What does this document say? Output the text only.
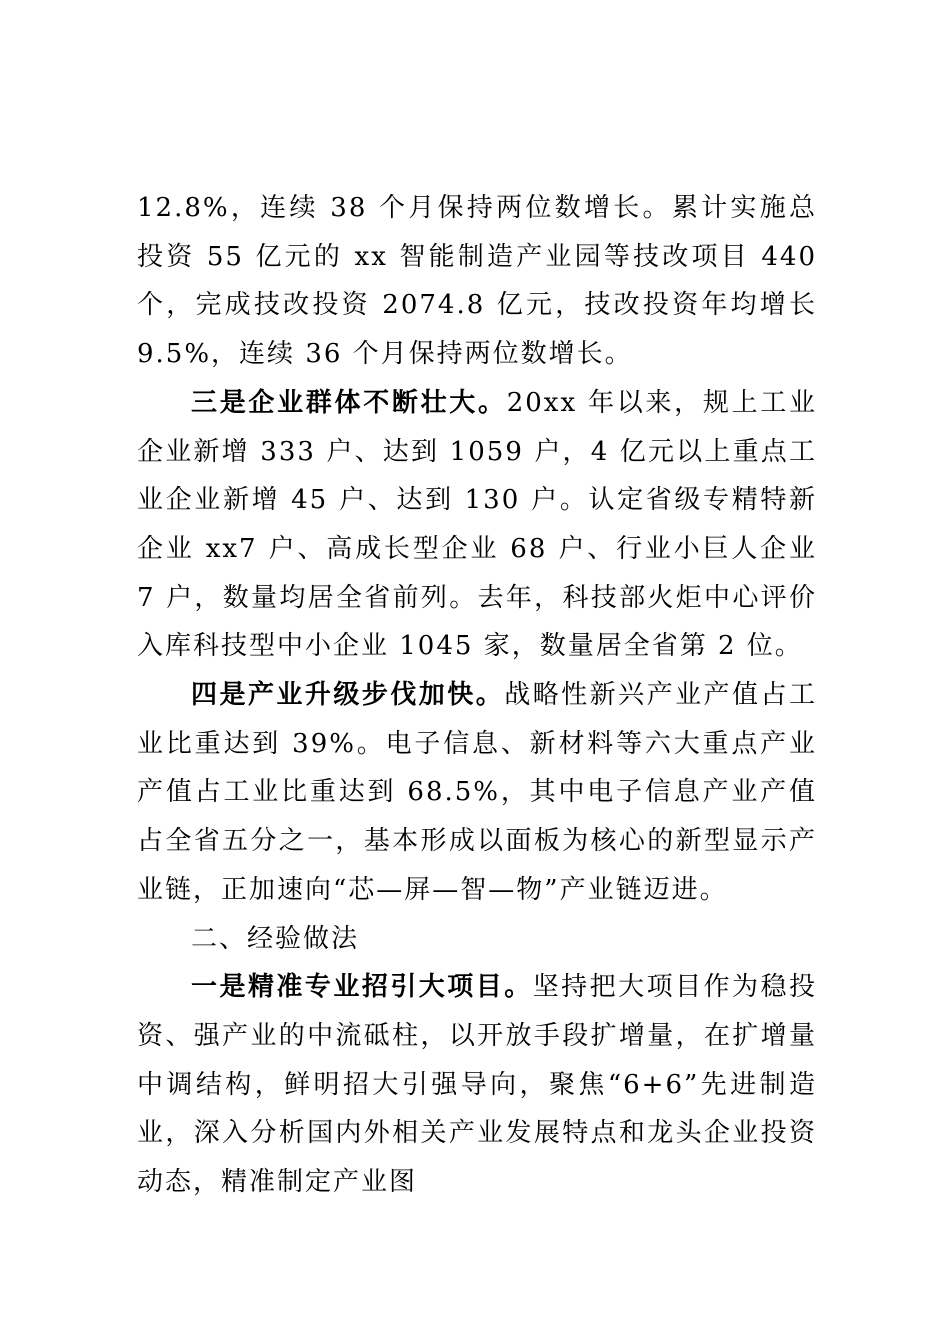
12.8%，连续 38 个月保持两位数增长。累计实施总投资 55 亿元的 xx 智能制造产业园等技改项目 440 个，完成技改投资 2074.8 亿元，技改投资年均增长 9.5%，连续 36 个月保持两位数增长。

三是企业群体不断壮大。20xx 年以来，规上工业企业新增 333 户、达到 1059 户，4 亿元以上重点工业企业新增 45 户、达到 130 户。认定省级专精特新企业 xx7 户、高成长型企业 68 户、行业小巨人企业 7 户，数量均居全省前列。去年，科技部火炬中心评价入库科技型中小企业 1045 家，数量居全省第 2 位。

四是产业升级步伐加快。战略性新兴产业产值占工业比重达到 39%。电子信息、新材料等六大重点产业产值占工业比重达到 68.5%，其中电子信息产业产值占全省五分之一，基本形成以面板为核心的新型显示产业链，正加速向“芯—屏—智—物”产业链迈进。

二、经验做法

一是精准专业招引大项目。坚持把大项目作为稳投资、强产业的中流砥柱，以开放手段扩增量，在扩增量中调结构，鲜明招大引强导向，聚焦“6+6”先进制造业，深入分析国内外相关产业发展特点和龙头企业投资动态，精准制定产业图
